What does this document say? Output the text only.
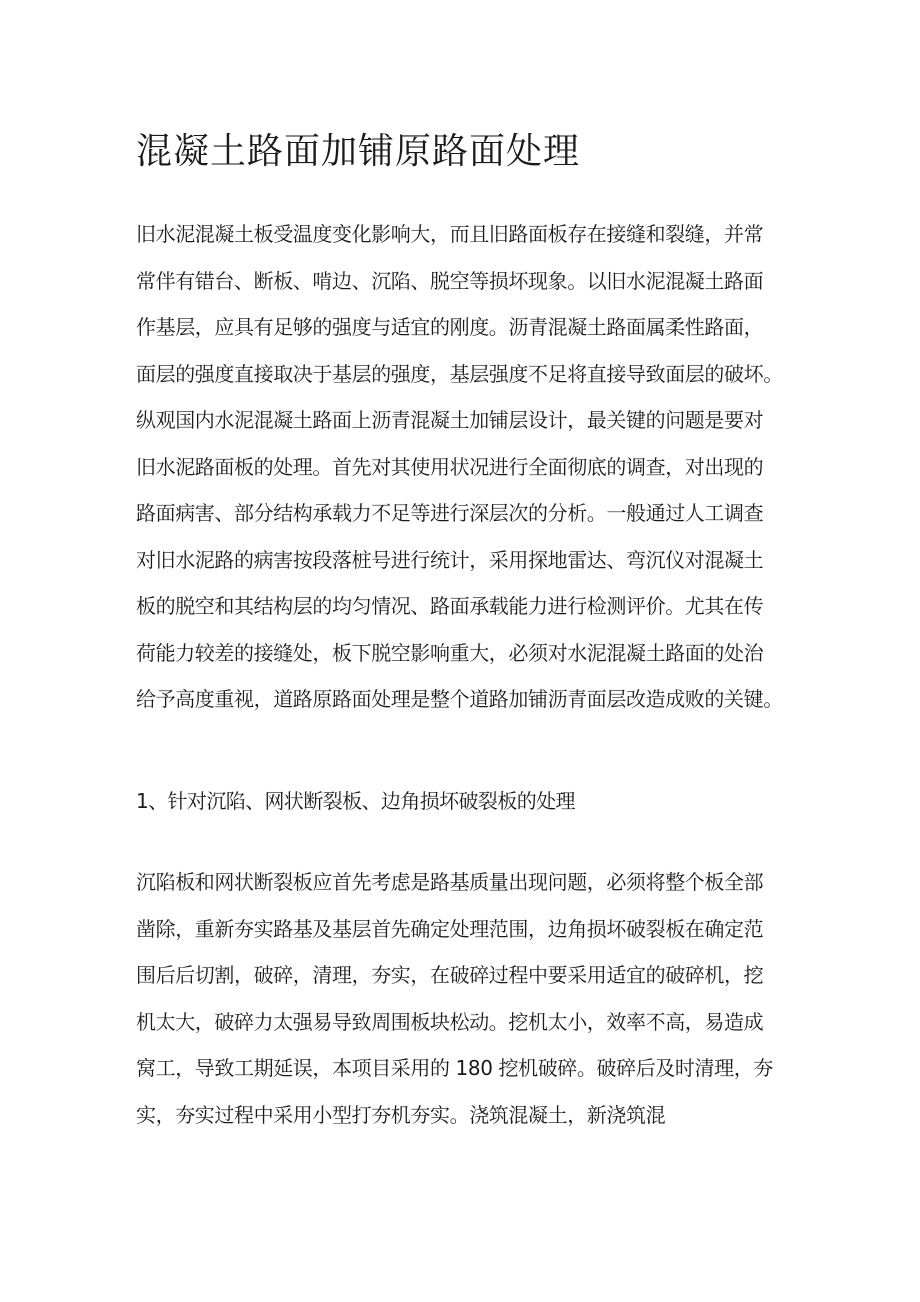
混凝土路面加铺原路面处理
旧水泥混凝土板受温度变化影响大，而且旧路面板存在接缝和裂缝，并常
常伴有错台、断板、啃边、沉陷、脱空等损坏现象。以旧水泥混凝土路面
作基层，应具有足够的强度与适宜的刚度。沥青混凝土路面属柔性路面，
面层的强度直接取决于基层的强度，基层强度不足将直接导致面层的破坏。
纵观国内水泥混凝土路面上沥青混凝土加铺层设计，最关键的问题是要对
旧水泥路面板的处理。首先对其使用状况进行全面彻底的调查，对出现的
路面病害、部分结构承载力不足等进行深层次的分析。一般通过人工调查
对旧水泥路的病害按段落桩号进行统计，采用探地雷达、弯沉仪对混凝土
板的脱空和其结构层的均匀情况、路面承载能力进行检测评价。尤其在传
荷能力较差的接缝处，板下脱空影响重大，必须对水泥混凝土路面的处治
给予高度重视，道路原路面处理是整个道路加铺沥青面层改造成败的关键。
1、针对沉陷、网状断裂板、边角损坏破裂板的处理
沉陷板和网状断裂板应首先考虑是路基质量出现问题，必须将整个板全部
凿除，重新夯实路基及基层首先确定处理范围，边角损坏破裂板在确定范
围后后切割，破碎，清理，夯实，在破碎过程中要采用适宜的破碎机，挖
机太大，破碎力太强易导致周围板块松动。挖机太小，效率不高，易造成
窝工，导致工期延误，本项目采用的 180 挖机破碎。破碎后及时清理，夯
实，夯实过程中采用小型打夯机夯实。浇筑混凝土，新浇筑混
